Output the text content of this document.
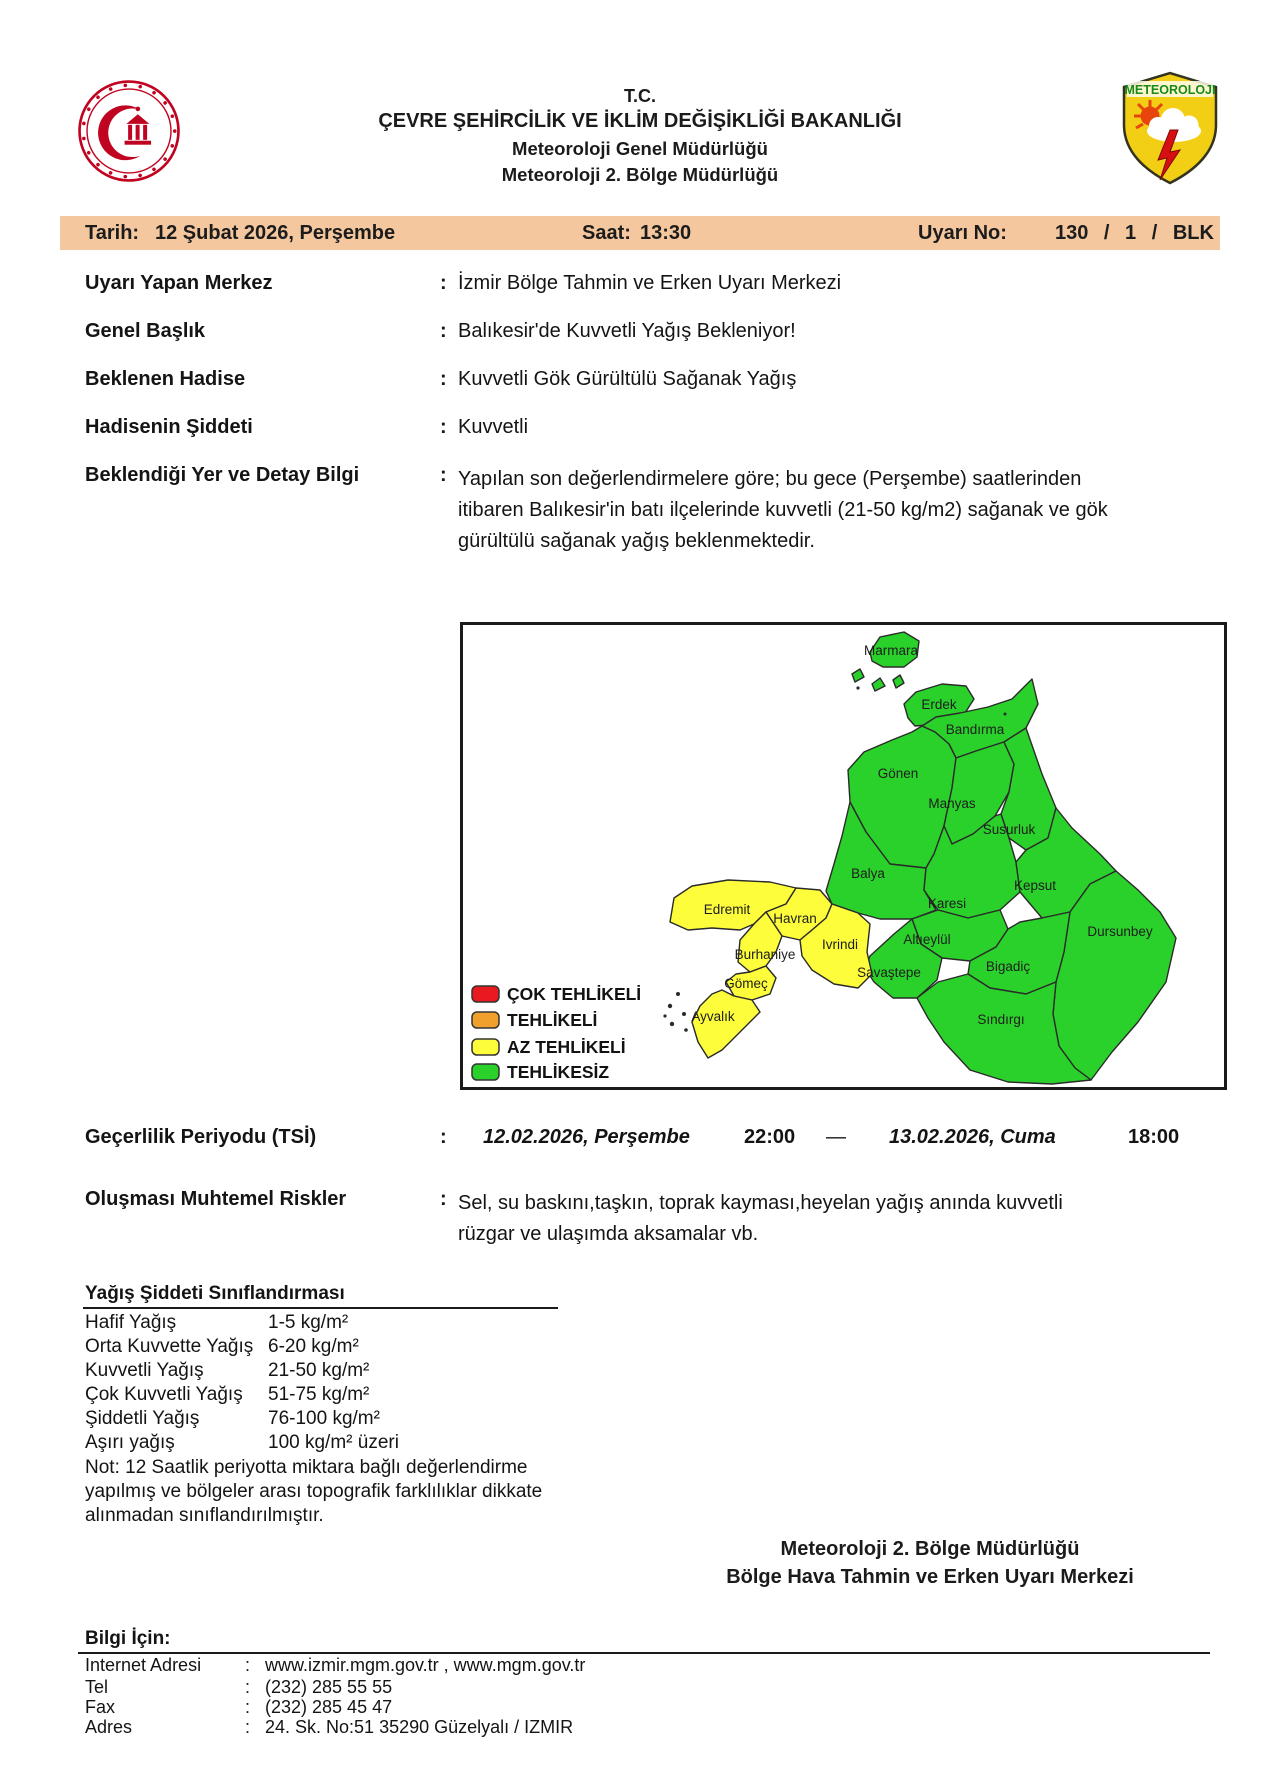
T.C.
ÇEVRE ŞEHİRCİLİK VE İKLİM DEĞİŞİKLİĞİ BAKANLIĞI
Meteoroloji Genel Müdürlüğü
Meteoroloji 2. Bölge Müdürlüğü
METEOROLOJI
Tarih: 12 Şubat 2026, Perşembe	Saat: 13:30	Uyarı No: 130 / 1 / BLK
Uyarı Yapan Merkez	: İzmir Bölge Tahmin ve Erken Uyarı Merkezi
Genel Başlık	: Balıkesir'de Kuvvetli Yağış Bekleniyor!
Beklenen Hadise	: Kuvvetli Gök Gürültülü Sağanak Yağış
Hadisenin Şiddeti	: Kuvvetli
Beklendiği Yer ve Detay Bilgi	: Yapılan son değerlendirmelere göre; bu gece (Perşembe) saatlerinden itibaren Balıkesir'in batı ilçelerinde kuvvetli (21-50 kg/m2) sağanak ve gök gürültülü sağanak yağış beklenmektedir.
Marmara
Erdek
Bandırma
Gönen
Manyas
Susurluk
Balya
Kepsut
Karesi
Dursunbey
Altıeylül
Bigadiç
Savaştepe
Sındırgı
Edremit
Havran
Burhaniye
Ivrindi
Gömeç
Ayvalık
ÇOK TEHLİKELİ
TEHLİKELİ
AZ TEHLİKELİ
TEHLİKESİZ
Geçerlilik Periyodu (TSİ)	: 12.02.2026, Perşembe	22:00 — 13.02.2026, Cuma	18:00
Oluşması Muhtemel Riskler	: Sel, su baskını,taşkın, toprak kayması,heyelan yağış anında kuvvetli rüzgar ve ulaşımda aksamalar vb.
Yağış Şiddeti Sınıflandırması
Hafif Yağış	1-5 kg/m²
Orta Kuvvette Yağış 6-20 kg/m²
Kuvvetli Yağış	21-50 kg/m²
Çok Kuvvetli Yağış 51-75 kg/m²
Şiddetli Yağış	76-100 kg/m²
Aşırı yağış	100 kg/m² üzeri
Not: 12 Saatlik periyotta miktara bağlı değerlendirme yapılmış ve bölgeler arası topografik farklılıklar dikkate alınmadan sınıflandırılmıştır.
Meteoroloji 2. Bölge Müdürlüğü
Bölge Hava Tahmin ve Erken Uyarı Merkezi
Bilgi İçin:
Internet Adresi : www.izmir.mgm.gov.tr , www.mgm.gov.tr
Tel	: (232) 285 55 55
Fax	: (232) 285 45 47
Adres	: 24. Sk. No:51 35290 Güzelyalı / IZMIR
